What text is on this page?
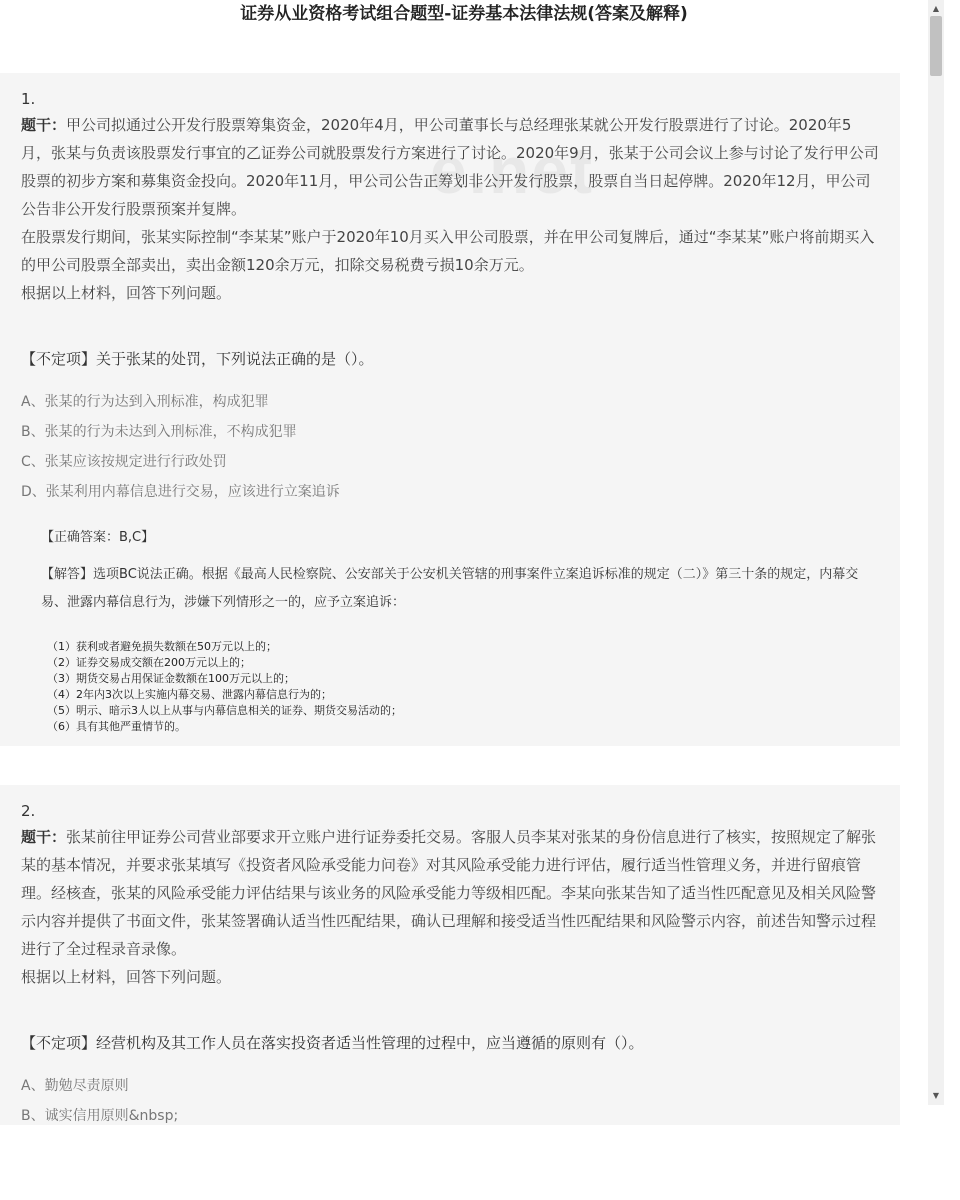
证券从业资格考试组合题型-证券基本法律法规(答案及解释)
1.

题干：甲公司拟通过公开发行股票筹集资金，2020年4月，甲公司董事长与总经理张某就公开发行股票进行了讨论。2020年5月，张某与负责该股票发行事宜的乙证券公司就股票发行方案进行了讨论。2020年9月，张某于公司会议上参与讨论了发行甲公司股票的初步方案和募集资金投向。2020年11月，甲公司公告正筹划非公开发行股票，股票自当日起停牌。2020年12月，甲公司公告非公开发行股票预案并复牌。

在股票发行期间，张某实际控制“李某某”账户于2020年10月买入甲公司股票，并在甲公司复牌后，通过“李某某”账户将前期买入的甲公司股票全部卖出，卖出金额120余万元，扣除交易税费亏损10余万元。

根据以上材料，回答下列问题。

【不定项】关于张某的处罚，下列说法正确的是（）。
A、张某的行为达到入刑标准，构成犯罪
B、张某的行为未达到入刑标准，不构成犯罪
C、张某应该按规定进行行政处罚
D、张某利用内幕信息进行交易，应该进行立案追诉
【正确答案：B,C】

【解答】选项BC说法正确。根据《最高人民检察院、公安部关于公安机关管辖的刑事案件立案追诉标准的规定（二）》第三十条的规定，内幕交易、泄露内幕信息行为，涉嫌下列情形之一的，应予立案追诉：

（1）获利或者避免损失数额在50万元以上的；
（2）证券交易成交额在200万元以上的；
（3）期货交易占用保证金数额在100万元以上的；
（4）2年内3次以上实施内幕交易、泄露内幕信息行为的；
（5）明示、暗示3人以上从事与内幕信息相关的证券、期货交易活动的；
（6）具有其他严重情节的。
e.net
2.

题干：张某前往甲证券公司营业部要求开立账户进行证券委托交易。客服人员李某对张某的身份信息进行了核实，按照规定了解张某的基本情况，并要求张某填写《投资者风险承受能力问卷》对其风险承受能力进行评估，履行适当性管理义务，并进行留痕管理。经核查，张某的风险承受能力评估结果与该业务的风险承受能力等级相匹配。李某向张某告知了适当性匹配意见及相关风险警示内容并提供了书面文件，张某签署确认适当性匹配结果，确认已理解和接受适当性匹配结果和风险警示内容，前述告知警示过程进行了全过程录音录像。

根据以上材料，回答下列问题。

【不定项】经营机构及其工作人员在落实投资者适当性管理的过程中，应当遵循的原则有（）。
A、勤勉尽责原则
B、诚实信用原则&nbsp;
▲
▼
